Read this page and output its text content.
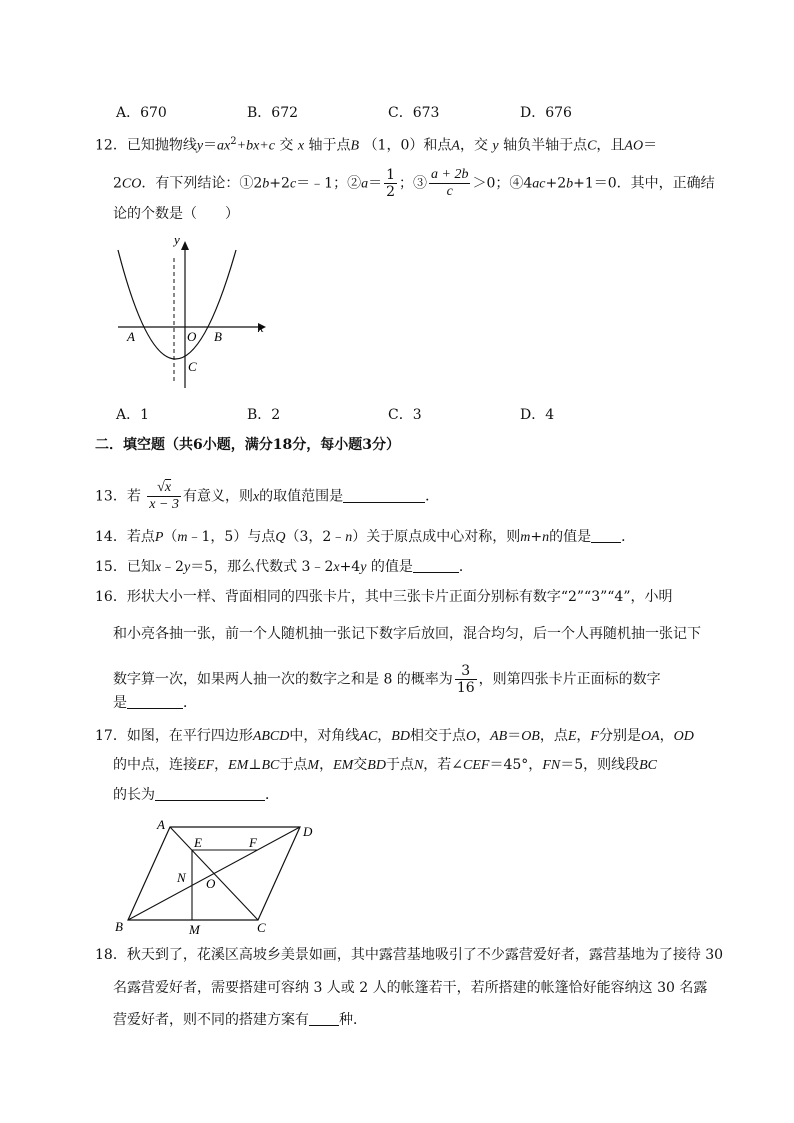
A．670	B．672	C．673	D．676
12．已知抛物线$y=ax^2+bx+c$ 交 x 轴于点B （1，0）和点A，交 y 轴负半轴于点C，且AO＝
2CO．有下列结论：①2b+2c＝﹣1；②a＝ $\frac{1}{2}$ ；③ $\frac{a + 2b}{c} >0$；④4ac+2b+1＝0．其中，正确结
论的个数是（　　）
y
x
A	O B
C
A．1	B．2	C．3	D．4
二．填空题（共6小题，满分18分，每小题3分）
13．若 $\frac{√x}{x - 3}$ 有意义，则x的取值范围是	．
14．若点P（m﹣1，5）与点Q（3，2﹣n）关于原点成中心对称，则m+n的值是 ．
15．已知x﹣2y＝5，那么代数式 3﹣2x+4y 的值是	．
16．形状大小一样、背面相同的四张卡片，其中三张卡片正面分别标有数字“2”“3”“4”，小明
和小亮各抽一张，前一个人随机抽一张记下数字后放回，混合均匀，后一个人再随机抽一张记下
数字算一次，如果两人抽一次的数字之和是 8 的概率为 $\frac{3}{16}$ ，则第四张卡片正面标的数字
是	．
17．如图，在平行四边形ABCD中，对角线AC，BD相交于点O，AB＝OB，点E，F分别是OA，OD
的中点，连接EF，EM⊥BC于点M，EM交BD于点N，若∠CEF＝45°，FN＝5，则线段BC
的长为	．
A	D
E	F
N O
B	M	C
18．秋天到了，花溪区高坡乡美景如画，其中露营基地吸引了不少露营爱好者，露营基地为了接待 30
名露营爱好者，需要搭建可容纳 3 人或 2 人的帐篷若干，若所搭建的帐篷恰好能容纳这 30 名露
营爱好者，则不同的搭建方案有 种．
